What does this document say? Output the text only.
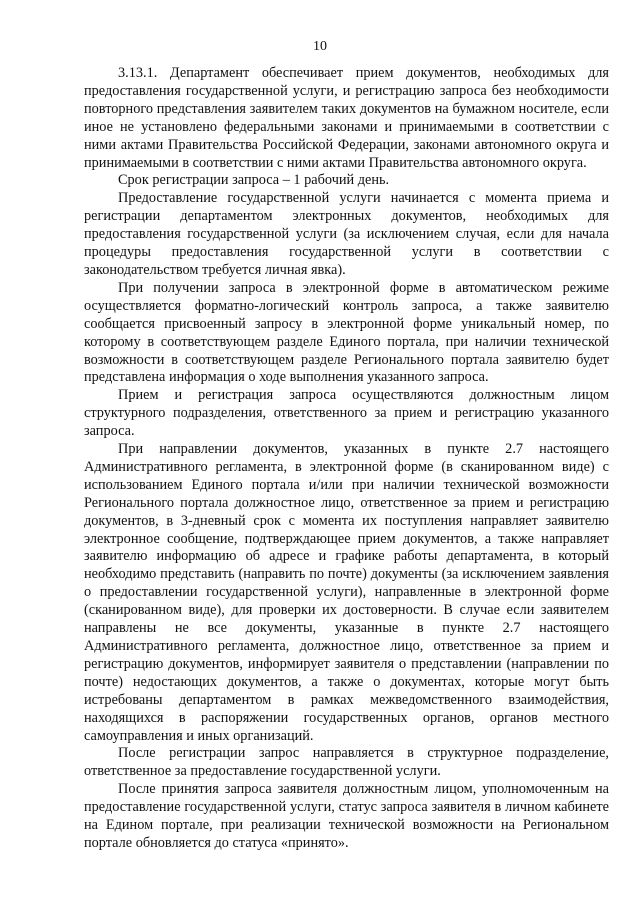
10

3.13.1. Департамент обеспечивает прием документов, необходимых для предоставления государственной услуги, и регистрацию запроса без необходимости повторного представления заявителем таких документов на бумажном носителе, если иное не установлено федеральными законами и принимаемыми в соответствии с ними актами Правительства Российской Федерации, законами автономного округа и принимаемыми в соответствии с ними актами Правительства автономного округа.

Срок регистрации запроса – 1 рабочий день.

Предоставление государственной услуги начинается с момента приема и регистрации департаментом электронных документов, необходимых для предоставления государственной услуги (за исключением случая, если для начала процедуры предоставления государственной услуги в соответствии с законодательством требуется личная явка).

При получении запроса в электронной форме в автоматическом режиме осуществляется форматно-логический контроль запроса, а также заявителю сообщается присвоенный запросу в электронной форме уникальный номер, по которому в соответствующем разделе Единого портала, при наличии технической возможности в соответствующем разделе Регионального портала заявителю будет представлена информация о ходе выполнения указанного запроса.

Прием и регистрация запроса осуществляются должностным лицом структурного подразделения, ответственного за прием и регистрацию указанного запроса.

При направлении документов, указанных в пункте 2.7 настоящего Административного регламента, в электронной форме (в сканированном виде) с использованием Единого портала и/или при наличии технической возможности Регионального портала должностное лицо, ответственное за прием и регистрацию документов, в 3-дневный срок с момента их поступления направляет заявителю электронное сообщение, подтверждающее прием документов, а также направляет заявителю информацию об адресе и графике работы департамента, в который необходимо представить (направить по почте) документы (за исключением заявления о предоставлении государственной услуги), направленные в электронной форме (сканированном виде), для проверки их достоверности. В случае если заявителем направлены не все документы, указанные в пункте 2.7 настоящего Административного регламента, должностное лицо, ответственное за прием и регистрацию документов, информирует заявителя о представлении (направлении по почте) недостающих документов, а также о документах, которые могут быть истребованы департаментом в рамках межведомственного взаимодействия, находящихся в распоряжении государственных органов, органов местного самоуправления и иных организаций.

После регистрации запрос направляется в структурное подразделение, ответственное за предоставление государственной услуги.

После принятия запроса заявителя должностным лицом, уполномоченным на предоставление государственной услуги, статус запроса заявителя в личном кабинете на Едином портале, при реализации технической возможности на Региональном портале обновляется до статуса «принято».
